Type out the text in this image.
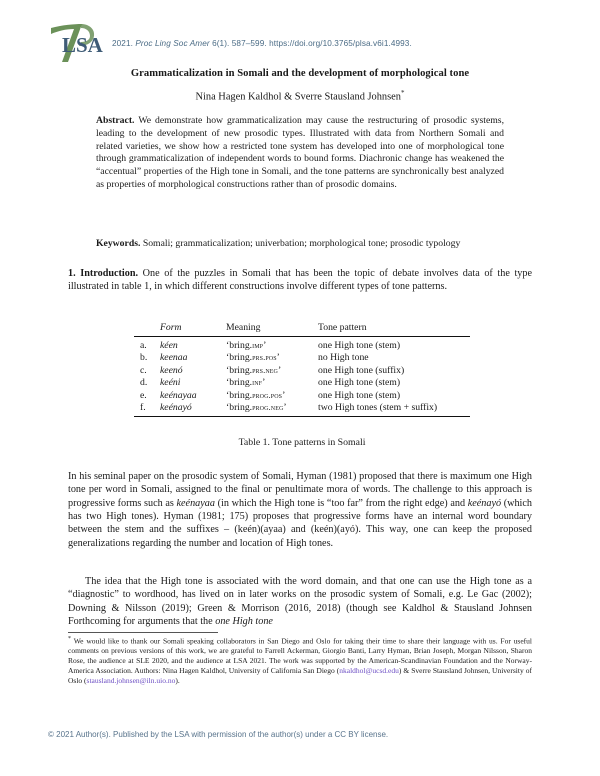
LSA 2021. Proc Ling Soc Amer 6(1). 587–599. https://doi.org/10.3765/plsa.v6i1.4993.
Grammaticalization in Somali and the development of morphological tone
Nina Hagen Kaldhol & Sverre Stausland Johnsen*
Abstract. We demonstrate how grammaticalization may cause the restructuring of prosodic systems, leading to the development of new prosodic types. Illustrated with data from Northern Somali and related varieties, we show how a restricted tone system has developed into one of morphological tone through grammaticalization of independent words to bound forms. Diachronic change has weakened the “accentual” properties of the High tone in Somali, and the tone patterns are synchronically best analyzed as properties of morphological constructions rather than of prosodic domains.
Keywords. Somali; grammaticalization; univerbation; morphological tone; prosodic typology
1. Introduction. One of the puzzles in Somali that has been the topic of debate involves data of the type illustrated in table 1, in which different constructions involve different types of tone patterns.
	Form	Meaning	Tone pattern
a.	kéen	‘bring.imp’	one High tone (stem)
b.	keenaa	‘bring.prs.pos’	no High tone
c.	keenó	‘bring.prs.neg’	one High tone (suffix)
d.	keéni	‘bring.inf’	one High tone (stem)
e.	keénayaa	‘bring.prog.pos’	one High tone (stem)
f.	keénayó	‘bring.prog.neg’	two High tones (stem + suffix)
Table 1. Tone patterns in Somali
In his seminal paper on the prosodic system of Somali, Hyman (1981) proposed that there is maximum one High tone per word in Somali, assigned to the final or penultimate mora of words. The challenge to this approach is progressive forms such as keénayaa (in which the High tone is “too far” from the right edge) and keénayó (which has two High tones). Hyman (1981; 175) proposes that progressive forms have an internal word boundary between the stem and the suffixes – (keén)(ayaa) and (keén)(ayó). This way, one can keep the proposed generalizations regarding the number and location of High tones.
The idea that the High tone is associated with the word domain, and that one can use the High tone as a “diagnostic” to wordhood, has lived on in later works on the prosodic system of Somali, e.g. Le Gac (2002); Downing & Nilsson (2019); Green & Morrison (2016, 2018) (though see Kaldhol & Stausland Johnsen Forthcoming for arguments that the one High tone
* We would like to thank our Somali speaking collaborators in San Diego and Oslo for taking their time to share their language with us. For useful comments on previous versions of this work, we are grateful to Farrell Ackerman, Giorgio Banti, Larry Hyman, Brian Joseph, Morgan Nilsson, Sharon Rose, the audience at SLE 2020, and the audience at LSA 2021. The work was supported by the American-Scandinavian Foundation and the Norway-America Association. Authors: Nina Hagen Kaldhol, University of California San Diego (nkaldhol@ucsd.edu) & Sverre Stausland Johnsen, University of Oslo (stausland.johnsen@iln.uio.no).
© 2021 Author(s). Published by the LSA with permission of the author(s) under a CC BY license.
